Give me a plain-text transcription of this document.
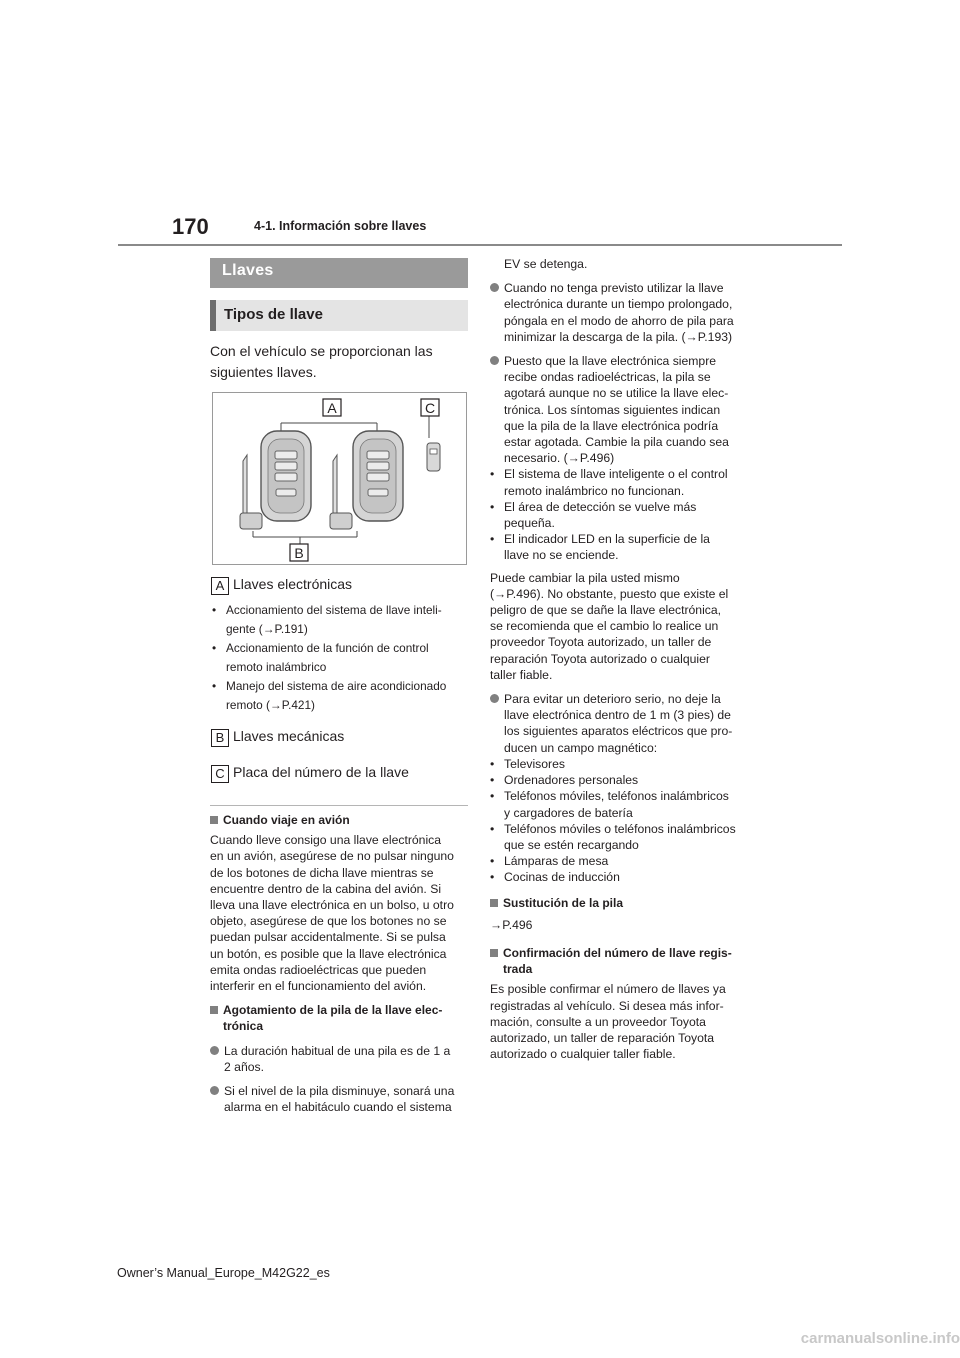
170	4-1. Información sobre llaves
Llaves
Tipos de llave
Con el vehículo se proporcionan las siguientes llaves.
A	C
B
A Llaves electrónicas
• Accionamiento del sistema de llave inteli-
gente (→P.191)
• Accionamiento de la función de control
remoto inalámbrico
• Manejo del sistema de aire acondicionado
remoto (→P.421)
B Llaves mecánicas
C Placa del número de la llave
Cuando viaje en avión
Cuando lleve consigo una llave electrónica
en un avión, asegúrese de no pulsar ninguno
de los botones de dicha llave mientras se
encuentre dentro de la cabina del avión. Si
lleva una llave electrónica en un bolso, u otro
objeto, asegúrese de que los botones no se
puedan pulsar accidentalmente. Si se pulsa
un botón, es posible que la llave electrónica
emita ondas radioeléctricas que pueden
interferir en el funcionamiento del avión.
Agotamiento de la pila de la llave elec-
trónica
La duración habitual de una pila es de 1 a
2 años.
Si el nivel de la pila disminuye, sonará una
alarma en el habitáculo cuando el sistema
EV se detenga.
Cuando no tenga previsto utilizar la llave
electrónica durante un tiempo prolongado,
póngala en el modo de ahorro de pila para
minimizar la descarga de la pila. (→P.193)
Puesto que la llave electrónica siempre
recibe ondas radioeléctricas, la pila se
agotará aunque no se utilice la llave elec-
trónica. Los síntomas siguientes indican
que la pila de la llave electrónica podría
estar agotada. Cambie la pila cuando sea
necesario. (→P.496)
• El sistema de llave inteligente o el control
remoto inalámbrico no funcionan.
• El área de detección se vuelve más
pequeña.
• El indicador LED en la superficie de la
llave no se enciende.
Puede cambiar la pila usted mismo
(→P.496). No obstante, puesto que existe el
peligro de que se dañe la llave electrónica,
se recomienda que el cambio lo realice un
proveedor Toyota autorizado, un taller de
reparación Toyota autorizado o cualquier
taller fiable.
Para evitar un deterioro serio, no deje la
llave electrónica dentro de 1 m (3 pies) de
los siguientes aparatos eléctricos que pro-
ducen un campo magnético:
• Televisores
• Ordenadores personales
• Teléfonos móviles, teléfonos inalámbricos
y cargadores de batería
• Teléfonos móviles o teléfonos inalámbricos
que se estén recargando
• Lámparas de mesa
• Cocinas de inducción
Sustitución de la pila
→P.496
Confirmación del número de llave regis-
trada
Es posible confirmar el número de llaves ya
registradas al vehículo. Si desea más infor-
mación, consulte a un proveedor Toyota
autorizado, un taller de reparación Toyota
autorizado o cualquier taller fiable.
Owner’s Manual_Europe_M42G22_es
carmanualsonline.info
